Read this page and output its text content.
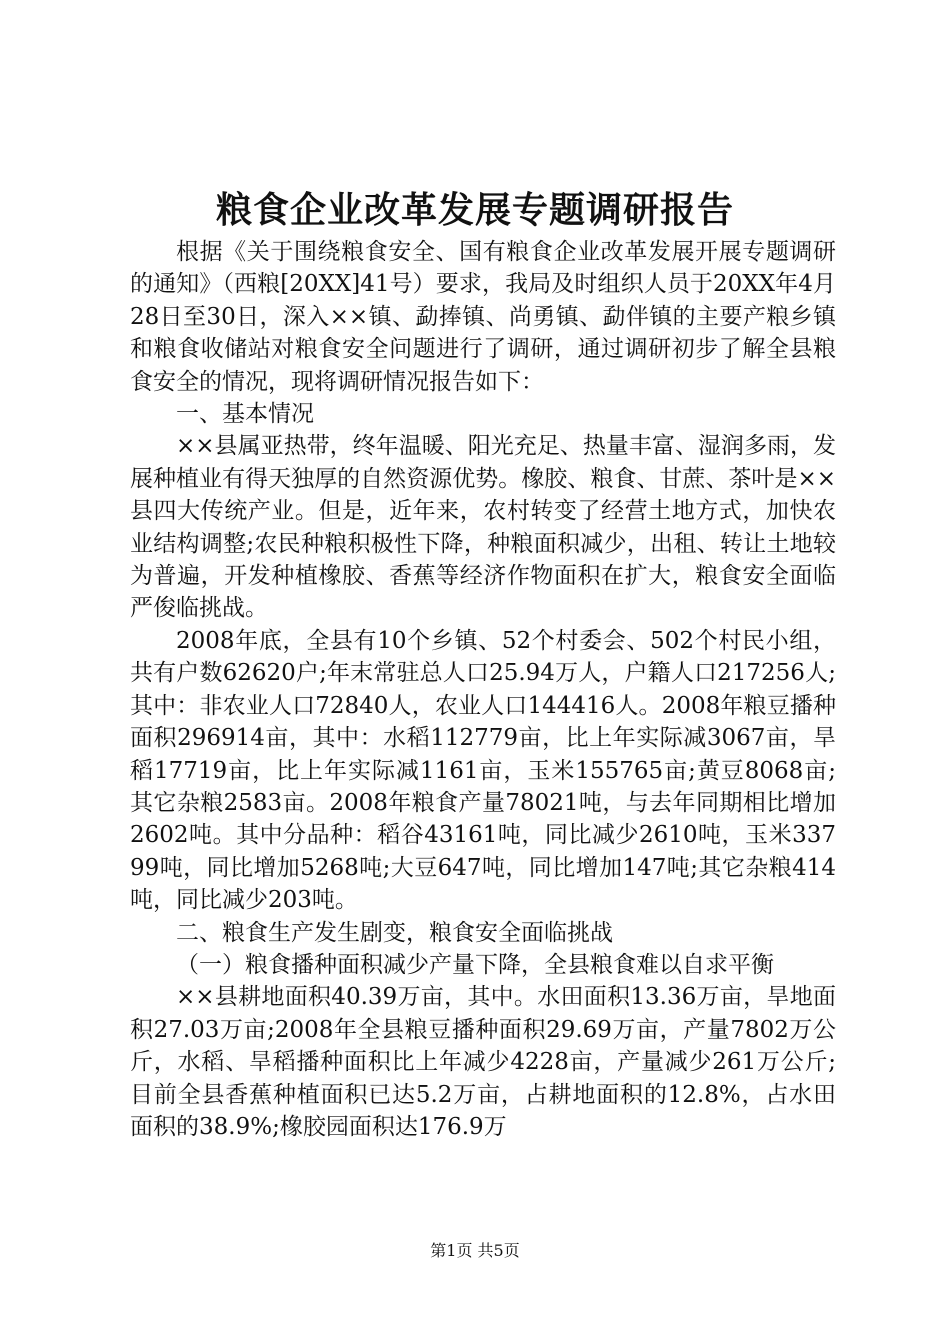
粮食企业改革发展专题调研报告

根据《关于围绕粮食安全、国有粮食企业改革发展开展专题调研的通知》（西粮[20XX]41号）要求，我局及时组织人员于20XX年4月28日至30日，深入××镇、勐捧镇、尚勇镇、勐伴镇的主要产粮乡镇和粮食收储站对粮食安全问题进行了调研，通过调研初步了解全县粮食安全的情况，现将调研情况报告如下：

一、基本情况

××县属亚热带，终年温暖、阳光充足、热量丰富、湿润多雨，发展种植业有得天独厚的自然资源优势。橡胶、粮食、甘蔗、茶叶是××县四大传统产业。但是，近年来，农村转变了经营土地方式，加快农业结构调整;农民种粮积极性下降，种粮面积减少，出租、转让土地较为普遍，开发种植橡胶、香蕉等经济作物面积在扩大，粮食安全面临严俊临挑战。

2008年底，全县有10个乡镇、52个村委会、502个村民小组，共有户数62620户;年末常驻总人口25.94万人，户籍人口217256人;其中：非农业人口72840人，农业人口144416人。2008年粮豆播种面积296914亩，其中：水稻112779亩，比上年实际减3067亩，旱稻17719亩，比上年实际减1161亩，玉米155765亩;黄豆8068亩;其它杂粮2583亩。2008年粮食产量78021吨，与去年同期相比增加2602吨。其中分品种：稻谷43161吨，同比减少2610吨，玉米33799吨，同比增加5268吨;大豆647吨，同比增加147吨;其它杂粮414吨，同比减少203吨。

二、粮食生产发生剧变，粮食安全面临挑战

（一）粮食播种面积减少产量下降，全县粮食难以自求平衡

××县耕地面积40.39万亩，其中。水田面积13.36万亩，旱地面积27.03万亩;2008年全县粮豆播种面积29.69万亩，产量7802万公斤，水稻、旱稻播种面积比上年减少4228亩，产量减少261万公斤;目前全县香蕉种植面积已达5.2万亩，占耕地面积的12.8%，占水田面积的38.9%;橡胶园面积达176.9万

第1页 共5页
